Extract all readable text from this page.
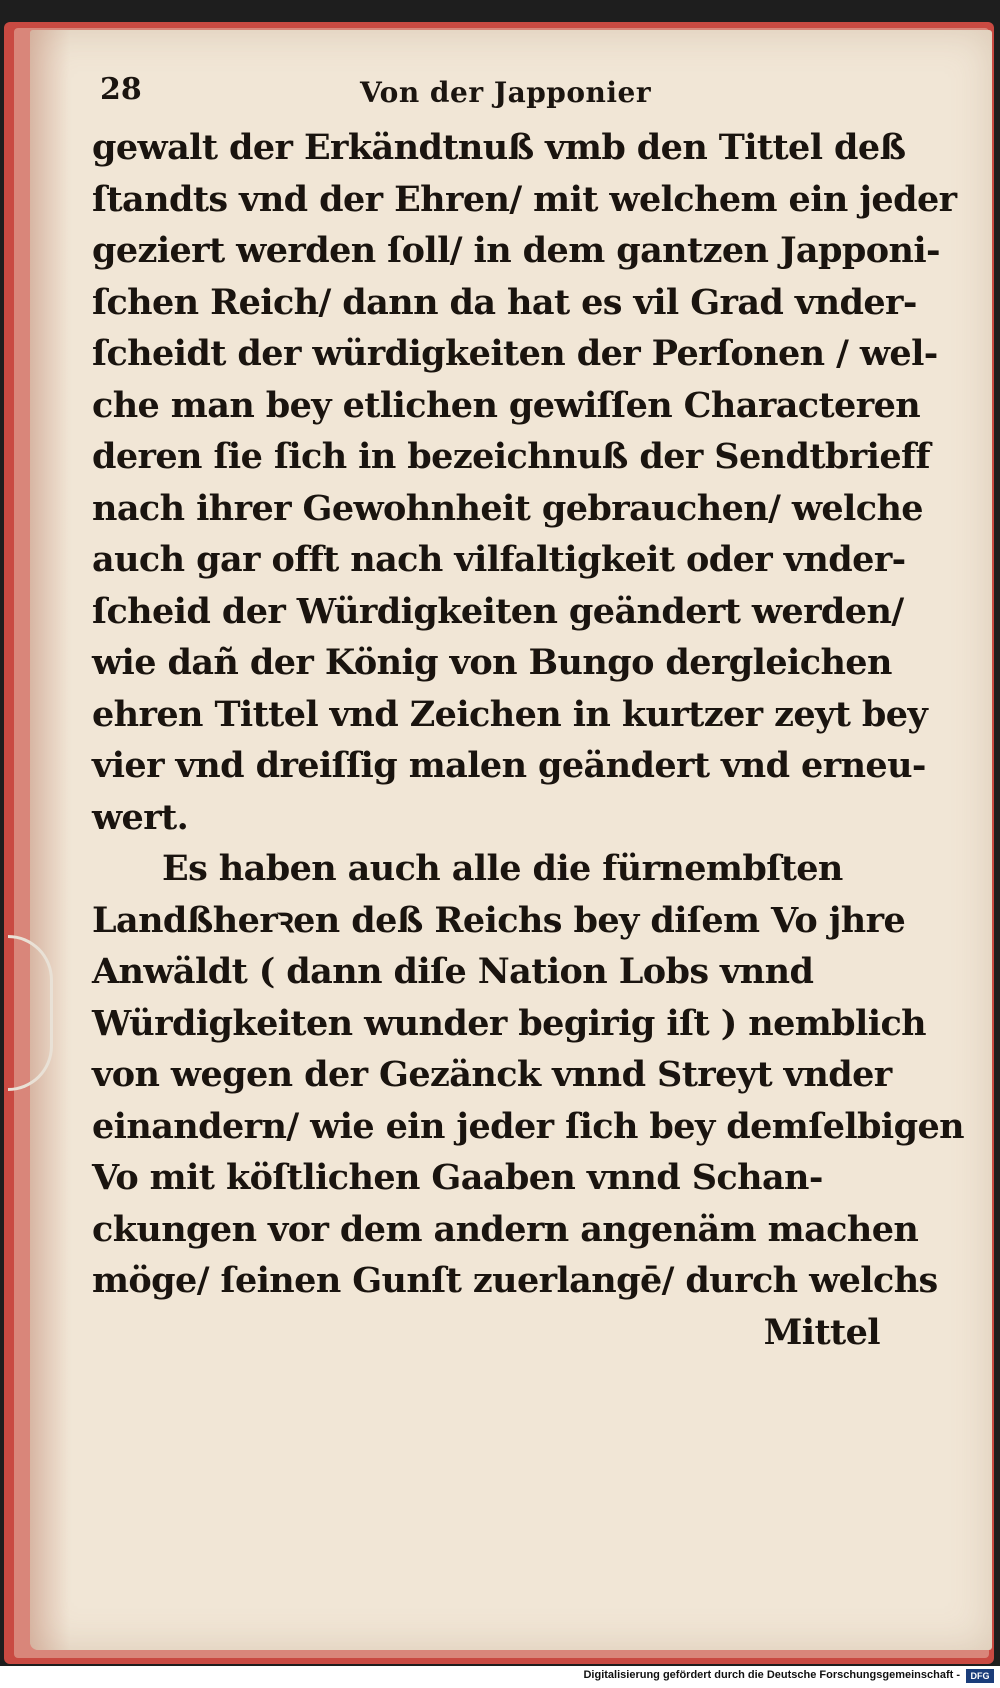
28	Von der Japponier
gewalt der Erkändtnuß vmb den Tittel deß
ſtandts vnd der Ehren/ mit welchem ein jeder
geziert werden ſoll/ in dem gantzen Japponi-
ſchen Reich/ dann da hat es vil Grad vnder-
ſcheidt der würdigkeiten der Perſonen / wel-
che man bey etlichen gewiſſen Characteren
deren ſie ſich in bezeichnuß der Sendtbrieff
nach ihrer Gewohnheit gebrauchen/ welche
auch gar offt nach vilfaltigkeit oder vnder-
ſcheid der Würdigkeiten geändert werden/
wie dañ der König von Bungo dergleichen
ehren Tittel vnd Zeichen in kurtzer zeyt bey
vier vnd dreiſſig malen geändert vnd erneu-
wert.
Es haben auch alle die fürnembſten
Landßherꝛen deß Reichs bey diſem Vo jhre
Anwäldt ( dann diſe Nation Lobs vnnd
Würdigkeiten wunder begirig iſt ) nemblich
von wegen der Gezänck vnnd Streyt vnder
einandern/ wie ein jeder ſich bey demſelbigen
Vo mit köſtlichen Gaaben vnnd Schan-
ckungen vor dem andern angenäm machen
möge/ ſeinen Gunſt zuerlangē/ durch welchs
Mittel
Digitalisierung gefördert durch die Deutsche Forschungsgemeinschaft -	DFG
